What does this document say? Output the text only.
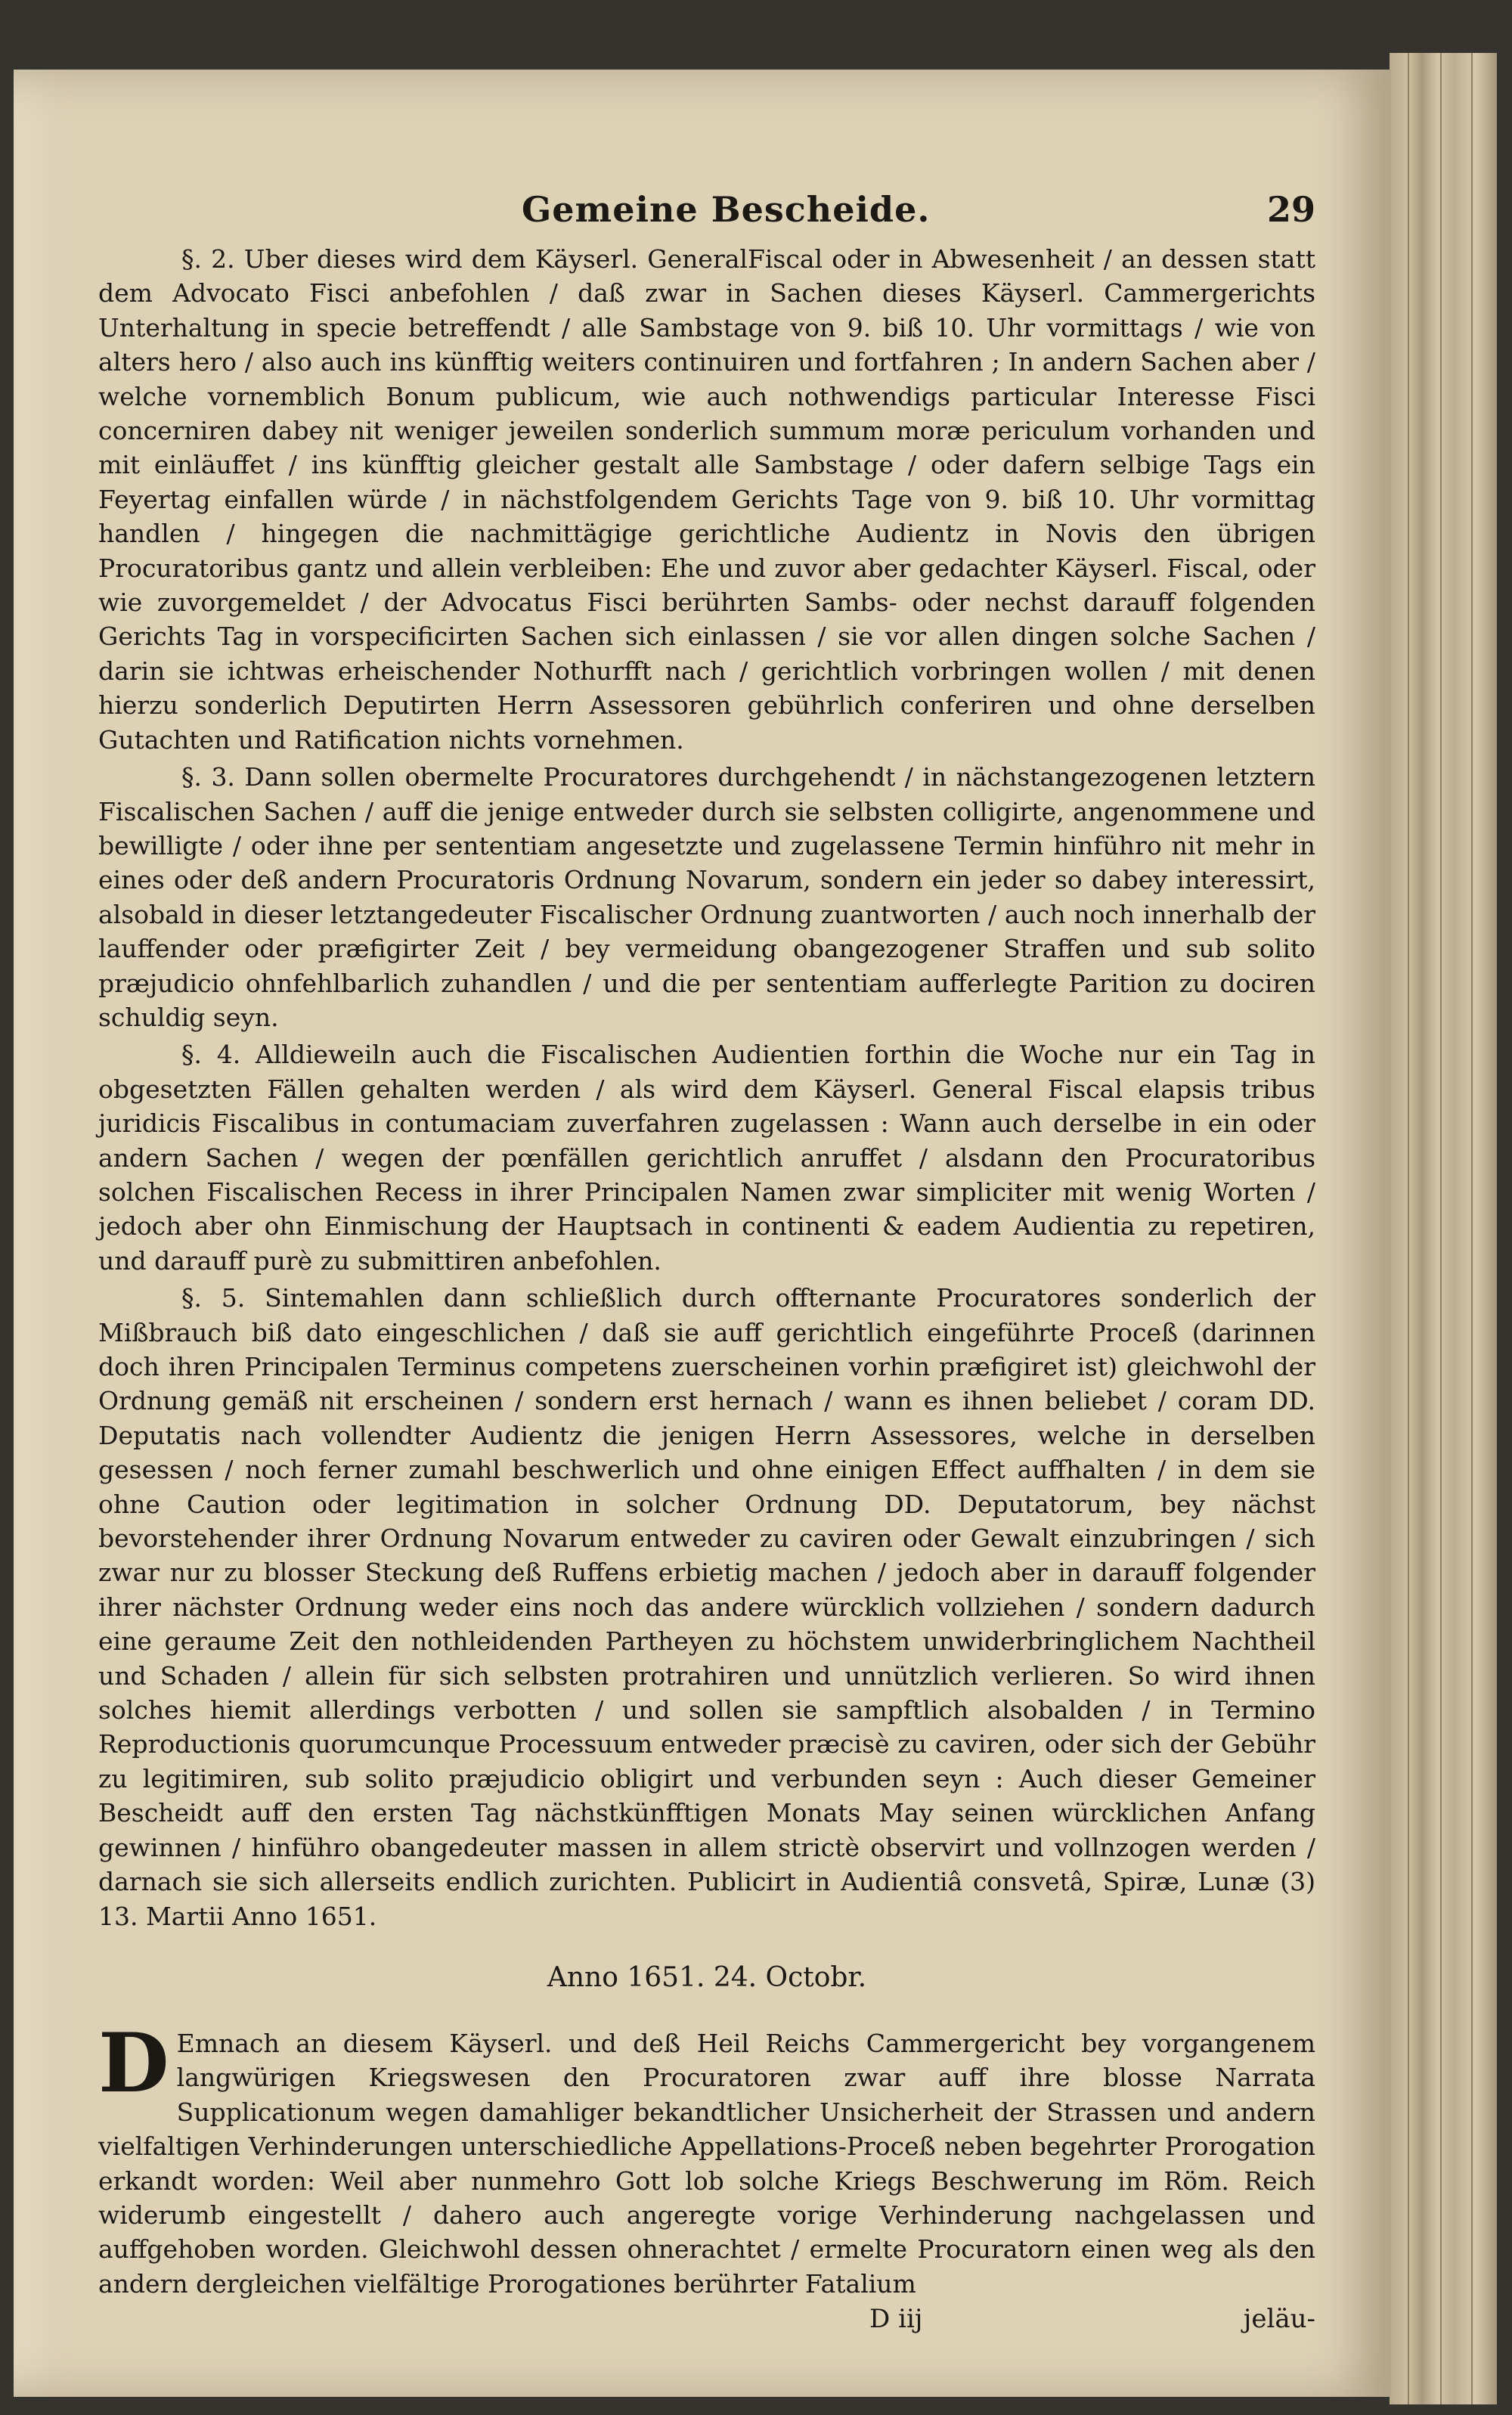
Gemeine Bescheide.	29

§. 2. Uber dieses wird dem Käyserl. GeneralFiscal oder in Abwesenheit / an dessen statt dem Advocato Fisci anbefohlen / daß zwar in Sachen dieses Käyserl. Cammergerichts Unterhaltung in specie betreffendt / alle Sambstage von 9. biß 10. Uhr vormittags / wie von alters hero / also auch ins künfftig weiters continuiren und fortfahren ; In andern Sachen aber / welche vornemblich Bonum publicum, wie auch nothwendigs particular Interesse Fisci concerniren dabey nit weniger jeweilen sonderlich summum moræ periculum vorhanden und mit einläuffet / ins künfftig gleicher gestalt alle Sambstage / oder dafern selbige Tags ein Feyertag einfallen würde / in nächstfolgendem Gerichts Tage von 9. biß 10. Uhr vormittag handlen / hingegen die nachmittägige gerichtliche Audientz in Novis den übrigen Procuratoribus gantz und allein verbleiben: Ehe und zuvor aber gedachter Käyserl. Fiscal, oder wie zuvorgemeldet / der Advocatus Fisci berührten Sambs- oder nechst darauff folgenden Gerichts Tag in vorspecificirten Sachen sich einlassen / sie vor allen dingen solche Sachen / darin sie ichtwas erheischender Nothurfft nach / gerichtlich vorbringen wollen / mit denen hierzu sonderlich Deputirten Herrn Assessoren gebührlich conferiren und ohne derselben Gutachten und Ratification nichts vornehmen.

§. 3. Dann sollen obermelte Procuratores durchgehendt / in nächstangezogenen letztern Fiscalischen Sachen / auff die jenige entweder durch sie selbsten colligirte, angenommene und bewilligte / oder ihne per sententiam angesetzte und zugelassene Termin hinführo nit mehr in eines oder deß andern Procuratoris Ordnung Novarum, sondern ein jeder so dabey interessirt, alsobald in dieser letztangedeuter Fiscalischer Ordnung zuantworten / auch noch innerhalb der lauffender oder præfigirter Zeit / bey vermeidung obangezogener Straffen und sub solito præjudicio ohnfehlbarlich zuhandlen / und die per sententiam aufferlegte Parition zu dociren schuldig seyn.

§. 4. Alldieweiln auch die Fiscalischen Audientien forthin die Woche nur ein Tag in obgesetzten Fällen gehalten werden / als wird dem Käyserl. General Fiscal elapsis tribus juridicis Fiscalibus in contumaciam zuverfahren zugelassen : Wann auch derselbe in ein oder andern Sachen / wegen der pœnfällen gerichtlich anruffet / alsdann den Procuratoribus solchen Fiscalischen Recess in ihrer Principalen Namen zwar simpliciter mit wenig Worten / jedoch aber ohn Einmischung der Hauptsach in continenti & eadem Audientia zu repetiren, und darauff purè zu submittiren anbefohlen.

§. 5. Sintemahlen dann schließlich durch offternante Procuratores sonderlich der Mißbrauch biß dato eingeschlichen / daß sie auff gerichtlich eingeführte Proceß (darinnen doch ihren Principalen Terminus competens zuerscheinen vorhin præfigiret ist) gleichwohl der Ordnung gemäß nit erscheinen / sondern erst hernach / wann es ihnen beliebet / coram DD. Deputatis nach vollendter Audientz die jenigen Herrn Assessores, welche in derselben gesessen / noch ferner zumahl beschwerlich und ohne einigen Effect auffhalten / in dem sie ohne Caution oder legitimation in solcher Ordnung DD. Deputatorum, bey nächst bevorstehender ihrer Ordnung Novarum entweder zu caviren oder Gewalt einzubringen / sich zwar nur zu blosser Steckung deß Ruffens erbietig machen / jedoch aber in darauff folgender ihrer nächster Ordnung weder eins noch das andere würcklich vollziehen / sondern dadurch eine geraume Zeit den nothleidenden Partheyen zu höchstem unwiderbringlichem Nachtheil und Schaden / allein für sich selbsten protrahiren und unnützlich verlieren. So wird ihnen solches hiemit allerdings verbotten / und sollen sie sampftlich alsobalden / in Termino Reproductionis quorumcunque Processuum entweder præcisè zu caviren, oder sich der Gebühr zu legitimiren, sub solito præjudicio obligirt und verbunden seyn : Auch dieser Gemeiner Bescheidt auff den ersten Tag nächstkünfftigen Monats May seinen würcklichen Anfang gewinnen / hinführo obangedeuter massen in allem strictè observirt und vollnzogen werden / darnach sie sich allerseits endlich zurichten. Publicirt in Audientiâ consvetâ, Spiræ, Lunæ (3) 13. Martii Anno 1651.

Anno 1651. 24. Octobr.

D Emnach an diesem Käyserl. und deß Heil Reichs Cammergericht bey vorgangenem langwürigen Kriegswesen den Procuratoren zwar auff ihre blosse Narrata Supplicationum wegen damahliger bekandtlicher Unsicherheit der Strassen und andern vielfaltigen Verhinderungen unterschiedliche Appellations-Proceß neben begehrter Prorogation erkandt worden: Weil aber nunmehro Gott lob solche Kriegs Beschwerung im Röm. Reich widerumb eingestellt / dahero auch angeregte vorige Verhinderung nachgelassen und auffgehoben worden. Gleichwohl dessen ohnerachtet / ermelte Procuratorn einen weg als den andern dergleichen vielfältige Prorogationes berührter Fatalium

D iij	jeläu-
